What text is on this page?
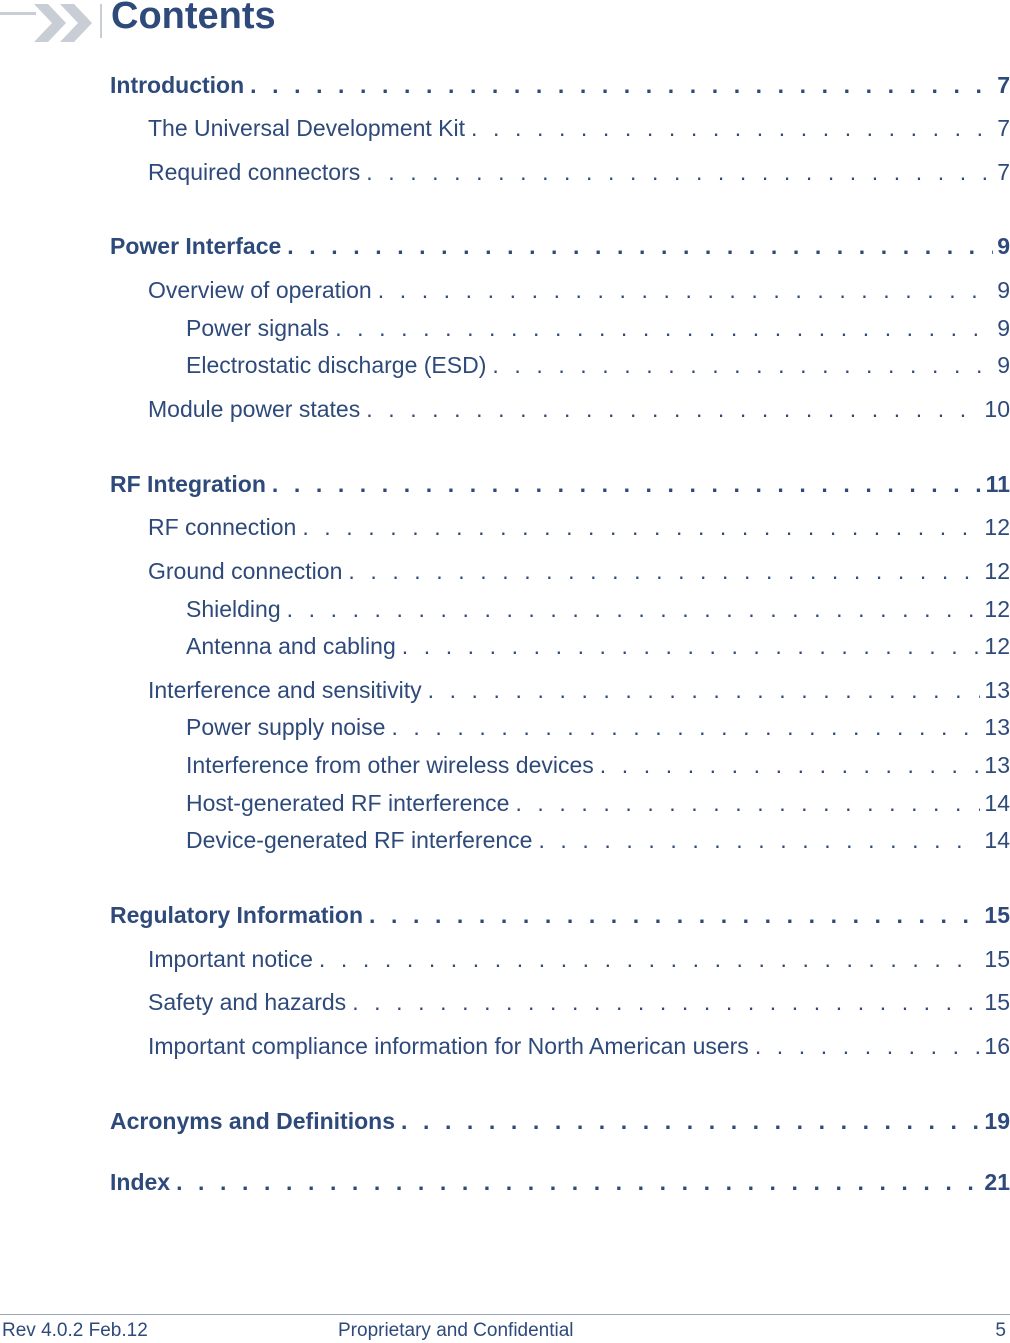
Contents
Introduction . . .	7
The Universal Development Kit . . .	7
Required connectors . . .	7
Power Interface . . .	9
Overview of operation . . .	9
Power signals . . .	9
Electrostatic discharge (ESD) . . .	9
Module power states . . .	10
RF Integration . . .	11
RF connection . . .	12
Ground connection . . .	12
Shielding . . .	12
Antenna and cabling . . .	12
Interference and sensitivity . . .	13
Power supply noise . . .	13
Interference from other wireless devices . . .	13
Host-generated RF interference . . .	14
Device-generated RF interference . . .	14
Regulatory Information . . .	15
Important notice . . .	15
Safety and hazards . . .	15
Important compliance information for North American users . . .	16
Acronyms and Definitions . . .	19
Index . . .	21
Rev 4.0.2 Feb.12	Proprietary and Confidential	5
